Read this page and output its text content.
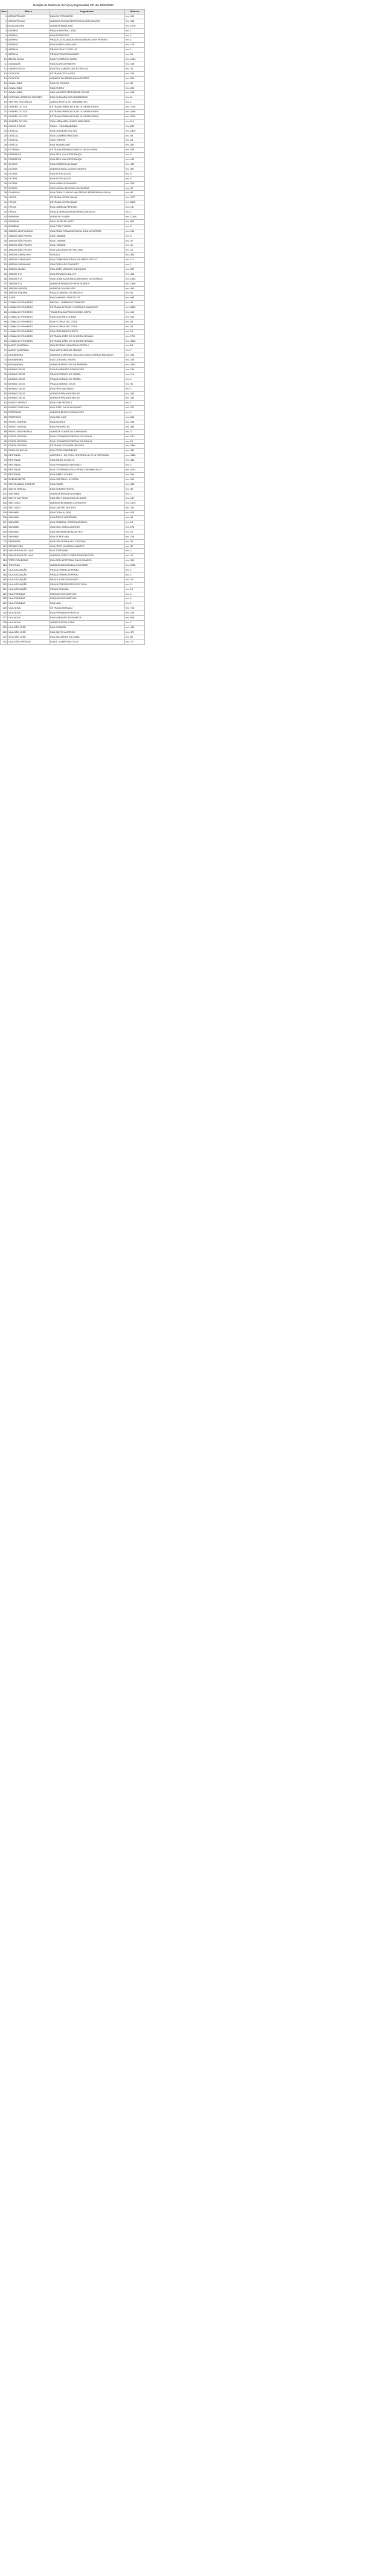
Relação de Ordem de Serviços programadas CIP dia 13/02/2020
Item	Bairro	Logradouro	Número
1	ARQUIPÉLAGO	RUA DO PESCADOR	nro. 100
2	ARQUIPÉLAGO	AVENIDA NOSSA SENHORA DA BOA VIAGEM	nro. 448
3	AUXILIADORA	AVENIDA MARILAND	nro. 1676
4	AZENHA	PRAÇA ANTÔNIO JOÃO	nro. 1
5	AZENHA	RUA BOTAFOGO	nro. 1
6	AZENHA	PRAÇA DA SAUDADE DRUA MANUEL MAY PEREIRA	nro. 1
7	AZENHA	RUA NUNES MACHADO	nro. 179
8	AZENHA	PRAÇA PAULO COELHO	nro. 1
9	AZENHA	PRAÇA PRINCESA ISABEL	nro. 26
10	BELÉM NOVO	RUA FLORÊNCIO FARIA	nro. 1013
11	CAMAQUÃ	RUA ALARICO RIBEIRO	nro. 158
12	CAMPO NOVO	RUA RUA JARDIM DAS ESTRELAS	nro. 25
13	CASCATA	ESTRADA DOS ALPES	nro. 224
14	CASCATA	AVENIDA PALMEIRA DAS MISSÕES	nro. 825
15	CAVALHADA	RUA DO SINODO	nro. 58
16	CAVALHADA	RUA ESTEIO	nro. 250
17	CAVALHADA	RUA VICENTE PEREIRA DE SOUZA	nro. 108
18	CORONEL APARÍCIO BORGES	RUA CHÁCARA DOS BOMBEIROS	nro. 11
19	CENTRO HISTÓRICO	LARGO PORTO DO GASÔMETRO	nro. 1
20	CHAPÉU DO SOL	ESTRADA FRANCISCA DE OLIVEIRA VIEIRA	nro. 2716
21	CHAPÉU DO SOL	ESTRADA FRANCISCA DE OLIVEIRA VIEIRA	nro. 3150
22	CHAPÉU DO SOL	ESTRADA FRANCISCA DE OLIVEIRA VIEIRA	nro. 3226
23	CHAPÉU DO SOL	RUA LIBRAJARA LEMOS MACHADO	nro. 110
24	COSTA E SILVA	RUA D - VILA AMAZÔNIA	nro. 252
25	CRISTAL	RUA CRUZEIRO DO SUL	nro. 2829
26	CRISTAL	RUA DIOMÁRIO MOOJEN	nro. 95
27	CRISTAL	RUA ITAPEVA	nro. 28
28	CRISTAL	RUA TAMANDARÉ	nro. 361
29	EXTREMA	ESTRADA ARMANDO INÁCIO DA SILVEIRA	nro. 528
30	FARRAPOS	RUA SEIS VILA ESPERANÇA	nro. 0
31	FARRAPOS	RUA SEIS VILA ESPERANÇA	nro. 142
32	GLÓRIA	RUA DOMÍCIO DA GAMA	nro. 403
33	GLÓRIA	AVENIDA ENG LUDOLFO BOEHL	nro. 387
34	GLÓRIA	RUA INTERLAGOS	nro. 8
35	GLÓRIA	RUA INTERLAGOS	nro. 6
36	GLÓRIA	RUA MANOLICA NUNES	nro. 225
37	GLÓRIA	RUA NOSSA SENHORA DA GLÓRIA	nro. 99
38	GUARUJÁ	RUA DRUA CLÁUDIO WALTERIUS FERREIRA DA SILVA	nro. 80
39	HÍPICA	ESTRADA COSTA GAMA	nro. 4727
40	HÍPICA	ESTRADA COSTA GAMA	nro. 5605
41	HÍPICA	RUA CIMARJA PEREIRA	nro. 137
42	HÍPICA	PRAÇA VEREADORUA ERVINO BESSON	nro. 1
43	IPANEMA	AVENIDA GUAÍBA	nro. 11840
44	IPANEMA	RUA LADISLAU NETO	nro. 962
45	IPANEMA	RUA OTELO ROSA	nro. 2
46	JARDIM LEOPOLDINA	RUA DRUA ROMAGUERA DA CUNHA CORRÊA	nro. 150
47	JARDIM SÃO PEDRO	RUA ITARARÉ	nro. 9
48	JARDIM SÃO PEDRO	RUA ITARARÉ	nro. 92
49	JARDIM SÃO PEDRO	RUA ITARARÉ	nro. 42
50	JARDIM SÃO PEDRO	RUA VISCONDE DE PELOTAS	nro. 13
51	JARDIM CARVALHO	RUA ALA	nro. 364
52	JARDIM CARVALHO	RUA COMENDADORUA EDUARDO SECCO	nro. 110
53	JARDIM CARVALHO	RUA RODOLFO ENGLERT	nro. 1
54	JARDIM ISABEL	RUA JOÃO MENDES OURIQUES	nro. 287
55	JARDIM ITU	RUA ARNALDO BALLVE	nro. 335
56	JARDIM ITU	RUA DONA ADDA MASCARENHAS DE MORAES	nro. 1305
57	JARDIM ITU	AVENIDA ARNALDO PAIVA SOARES	nro. 1590
58	JARDIM LINDÓIA	AVENIDA GUADALUPE	nro. 490
59	JARDIM SABARÁ	PRAÇA MANOEL DE MACEDO	nro. 66
60	JUARI	RUA MARIANO BARCELOS	nro. 688
61	LOMBA DO PINHEIRO	BECO A - LOMBA DO PINHEIRO	nro. 35
62	LOMBA DO PINHEIRO	ESTRADA AFONSO LOURENÇO MARIANTE	nro. 5855
63	LOMBA DO PINHEIRO	TRAVESSA ANTÔNIO CONSELHEIRO	nro. 142
64	LOMBA DO PINHEIRO	RUA DOLORES DURAN	nro. 913
65	LOMBA DO PINHEIRO	RUA FLORUA DE LÓTUS	nro. 53
66	LOMBA DO PINHEIRO	RUA FLORUA DE LÓTUS	nro. 30
67	LOMBA DO PINHEIRO	RUA GENI MENEGHETTE	nro. 15
68	LOMBA DO PINHEIRO	ESTRADA JOÃO DE OLIVEIRA REMIÃO	nro. 2761
69	LOMBA DO PINHEIRO	ESTRADA JOÃO DE OLIVEIRA REMIÃO	nro. 3330
70	MARIO QUINTANA	RUA AFONSO MOACIRUA CERIOLI	nro. 54
71	MARIO QUINTANA	RUA VINTE SEIS DE MARÇO	nro. 7
72	MEDIANEIRA	AVENIDA CORONEL GASTÃO HASLOCHERUA MAZERON	nro. 493
73	MEDIANEIRA	RUA CORONEL NEVES	nro. 229
74	MEDIANEIRA	AVENIDA PROF OSCAR PEREIRA	nro. 2851
75	MENINO DEUS	RUA ALMIRANTE GONÇALVES	nro. 149
76	MENINO DEUS	PRAÇA ESTADO DE ISRAEL	nro. 113
77	MENINO DEUS	PRAÇA ESTADO DE ISRAEL	nro. 1
78	MENINO DEUS	PRAÇA MENINO DEUS	nro. 94
79	MENINO DEUS	RUA PERI MACHADO	nro. 1
80	MENINO DEUS	AVENIDA PRAIA DE BELAS	nro. 432
81	MENINO DEUS	AVENIDA PRAIA DE BELAS	nro. 450
82	MONTE SERRAT	RUA DOM PEDRO II	nro. 1
83	MORRO SANTANA	RUA JOÃO DA SILVA BUENO	nro. 227
84	PARTENON	AVENIDA BENTO GONÇALVES	nro. 1
85	PARTENON	RUA SÃO LUIZ	nro. 605
86	PASSO D'AREIA	RUA AÇORES	nro. 408
87	PASSO D'AREIA	RUA PAPA PIO XII	nro. 385
88	PASSO DAS PEDRAS	AVENIDA GOMES DE CARVALHO	nro. 4
89	PONTA GROSSA	RUA LEONARDO FREITAS DA CUNHA	nro. 131
90	PONTA GROSSA	RUA LEONARDO FREITAS DA CUNHA	nro. 21
91	PONTA GROSSA	ESTRADA DA PONTA GROSSA	nro. 3354
92	PRAIA DE BELAS	RUA CECÍLIA MEIRELES	nro. 432
93	RESTINGA	ACESSO 4 - 5Q CONJ TERCEIRA UV VL N RESTINGA	nro. 3488
94	RESTINGA	RUA IRENO SCHULTZ	nro. 383
95	RESTINGA	RUA FERNANDO VERONEZI	nro. 1
96	RESTINGA	RUA GOVERNADORUA PERACCHI BARCELOS	nro. 4223
97	RESTINGA	RUA SIMÃO GOMES	nro. 264
98	RUBEM BERTA	RUA CAETANO LA PORTA	nro. 420
99	SANTA MARIA GORETTI	RUA PAVÃO	nro. 348
100	SANTA TEREZA	RUA ORFANOTRÓFIO	nro. 36
101	SANTANA	AVENIDA PRINCESA ISABEL	nro. 1
102	SANTO ANTÔNIO	RUA SÃO FRANCISCO DE ASSIS	nro. 187
103	SÃO JOÃO	AVENIDA BENJAMIN CONSTANT	nro. 1575
104	SÃO JOÃO	RUA GASTÃO RHODES	nro. 310
105	SARANDI	RUA DONA ALZIRA	nro. 978
106	SARANDI	RUA ÉRICO VERÍSSIMO	nro. 93
107	SARANDI	RUA GENERAL OSÓRIO AFONSO	nro. 15
108	SARANDI	RUA ENG JOÃO LUDERITZ	nro. 275
109	SARANDI	RUA SERAFIM ALENCASTRO	nro. 91
110	SARANDI	RUA SOROCABA	nro. 108
111	SERRARIA	RUA DRA NOEMI VALLE ROCHA	nro. 90
112	SÉTIMO CÉU	RUA PROF XAVIERUA SIMÕES	nro. 30
113	SANTA ROSA DE LIMA	RUA JOSÉ DIAS	nro. 1
114	SANTA ROSA DE LIMA	AVENIDA JOSÉ FLORENTINO PEIXOTO	nro. 79
115	TRÊS FIGUEIRAS	RUA GEN NESTORUA SILVA SOARES	nro. 309
116	TRISTEZA	AVENIDA WENCESLAU ESCOBAR	nro. 2038
117	VILA ASSUNÇÃO	PRAÇA FRANKLIN PEREZ	nro. 1
118	VILA ASSUNÇÃO	PRAÇA FRANKLIN PEREZ	nro. 1
119	VILA ASSUNÇÃO	PRAÇA JOSÉ ASSUNÇÃO	nro. 26
120	VILA ASSUNÇÃO	PRAÇA PRESIDENTE PORTUGAL	nro. 9
121	VILA ASSUNÇÃO	PRAÇA SOLUMA	nro. 10
122	VILA IPIRANGA	PARQUE DOS NATIVOS	nro. 1
123	VILA IPIRANGA	PARQUE DOS NATIVOS	nro. 1
124	VILA IPIRANGA	RUA UMA	nro. 1
125	VILA NOVA	ESTRADA ARACAJU	nro. 740
126	VILA NOVA	RUA FERNANDO PESSOA	nro. 195
127	VILA NOVA	RUA MARQUES DO MARICA	nro. 505
128	VILA NOVA	AVENIDA NOVA YORK	nro. 1
129	VILA SÃO JOSÉ	RUA CONDOR	nro. 432
130	VILA SÃO JOSÉ	RUA SANTO ALFREDO	nro. 479
131	VILA SÃO JOSÉ	RUA SALDANHA DA GAMA	nro. 50
132	VILA JOÃO PESSOA	RUA A - CAMPO DA TUCA	nro. 70
